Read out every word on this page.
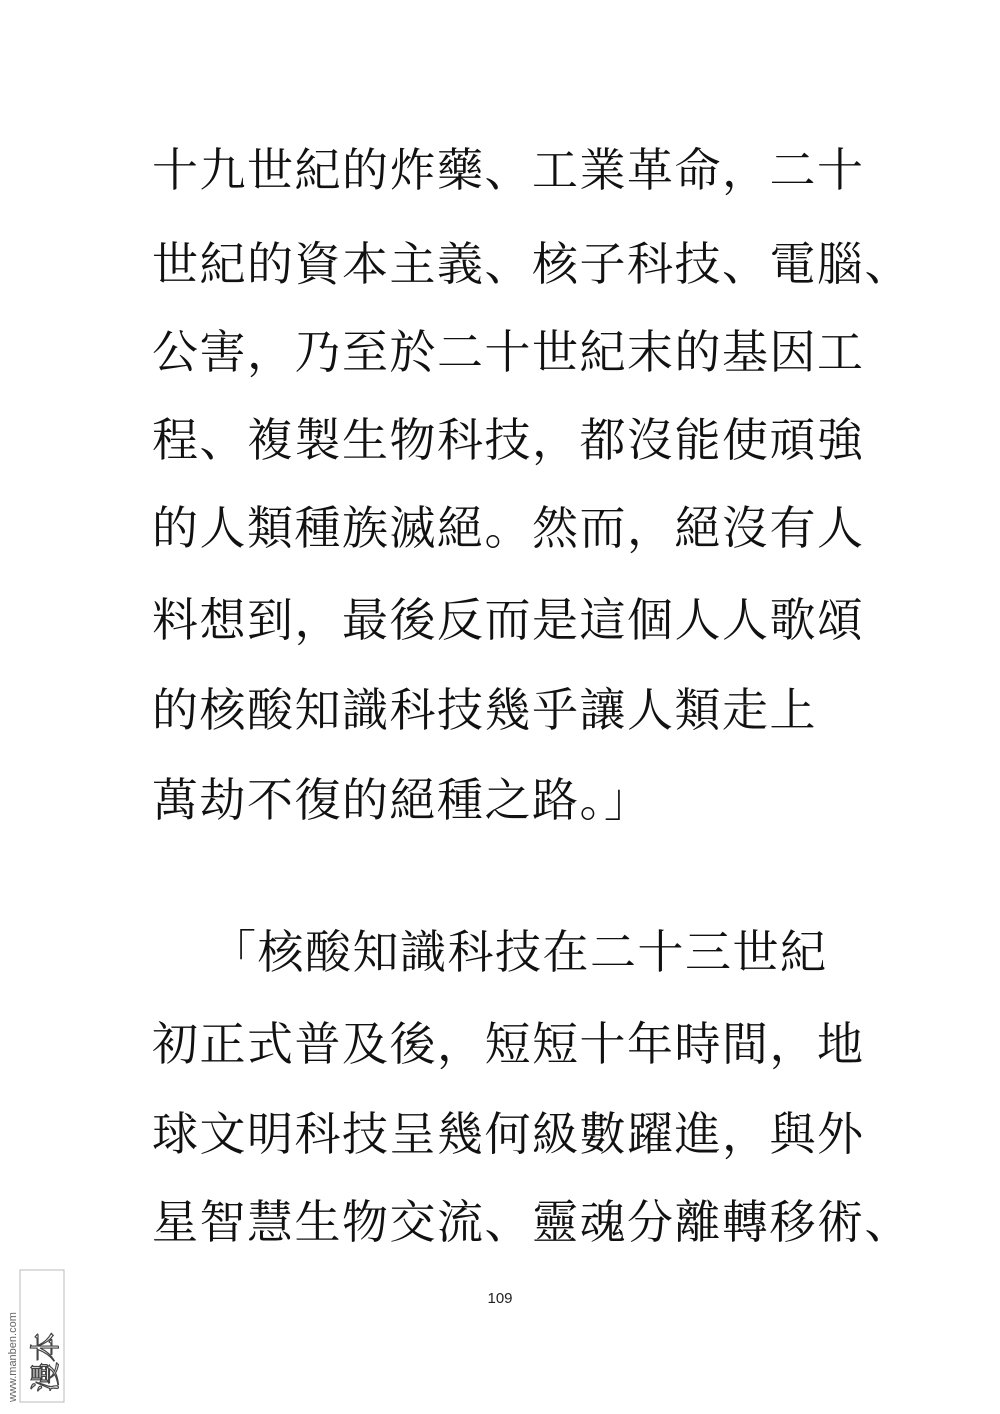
十九世紀的炸藥、工業革命，二十
世紀的資本主義、核子科技、電腦、
公害，乃至於二十世紀末的基因工
程、複製生物科技，都沒能使頑強
的人類種族滅絕。然而，絕沒有人
料想到，最後反而是這個人人歌頌
的核酸知識科技幾乎讓人類走上
萬劫不復的絕種之路。」
「核酸知識科技在二十三世紀
初正式普及後，短短十年時間，地
球文明科技呈幾何級數躍進，與外
星智慧生物交流、靈魂分離轉移術、
109
www.manben.com 漫本
